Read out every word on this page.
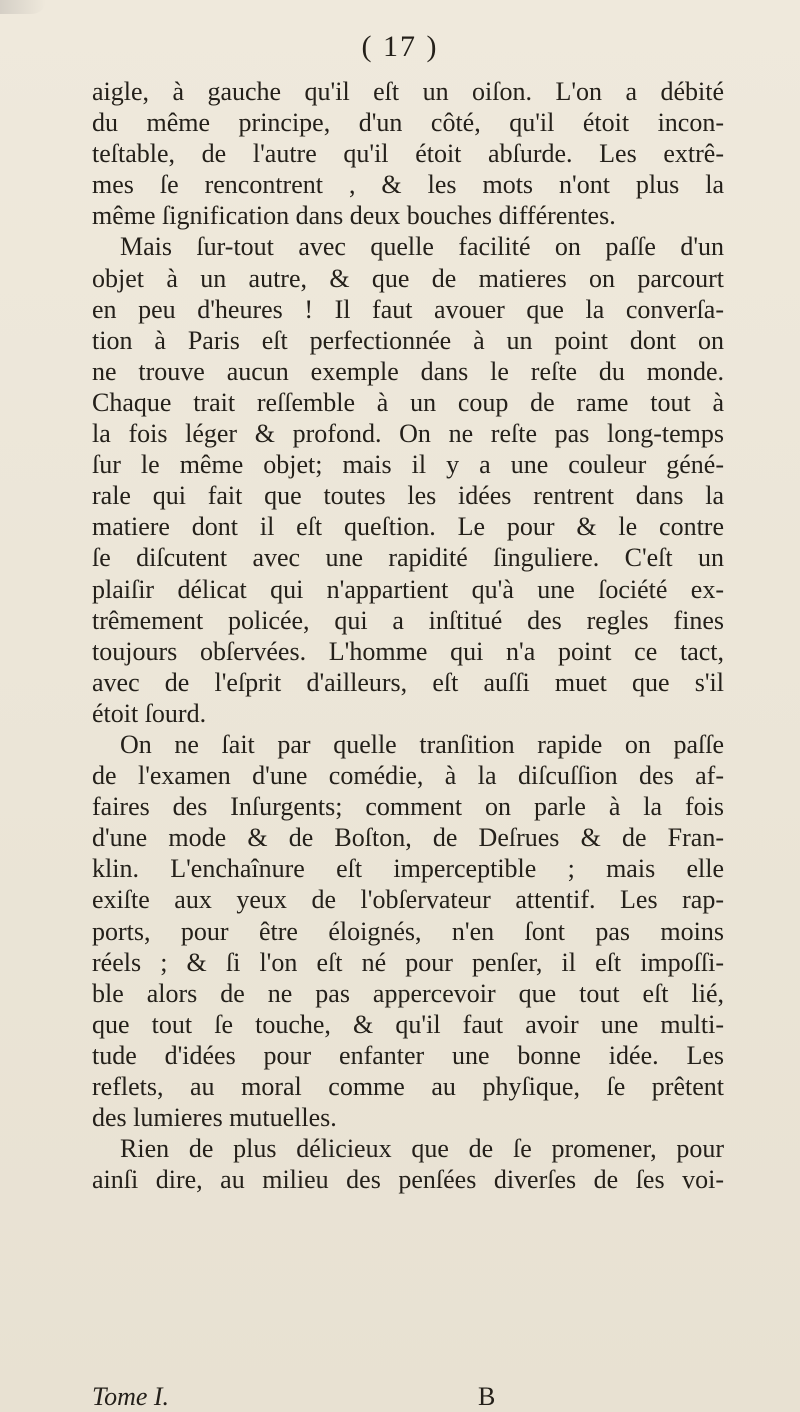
( 17 )
aigle, à gauche qu'il eſt un oiſon. L'on a débité
du même principe, d'un côté, qu'il étoit incon-
teſtable, de l'autre qu'il étoit abſurde. Les extrê-
mes ſe rencontrent , & les mots n'ont plus la
même ſignification dans deux bouches différentes.
Mais ſur-tout avec quelle facilité on paſſe d'un
objet à un autre, & que de matieres on parcourt
en peu d'heures ! Il faut avouer que la converſa-
tion à Paris eſt perfectionnée à un point dont on
ne trouve aucun exemple dans le reſte du monde.
Chaque trait reſſemble à un coup de rame tout à
la fois léger & profond. On ne reſte pas long-temps
ſur le même objet; mais il y a une couleur géné-
rale qui fait que toutes les idées rentrent dans la
matiere dont il eſt queſtion. Le pour & le contre
ſe diſcutent avec une rapidité ſinguliere. C'eſt un
plaiſir délicat qui n'appartient qu'à une ſociété ex-
trêmement policée, qui a inſtitué des regles fines
toujours obſervées. L'homme qui n'a point ce tact,
avec de l'eſprit d'ailleurs, eſt auſſi muet que s'il
étoit ſourd.
On ne ſait par quelle tranſition rapide on paſſe
de l'examen d'une comédie, à la diſcuſſion des af-
faires des Inſurgents; comment on parle à la fois
d'une mode & de Boſton, de Deſrues & de Fran-
klin. L'enchaînure eſt imperceptible ; mais elle
exiſte aux yeux de l'obſervateur attentif. Les rap-
ports, pour être éloignés, n'en ſont pas moins
réels ; & ſi l'on eſt né pour penſer, il eſt impoſſi-
ble alors de ne pas appercevoir que tout eſt lié,
que tout ſe touche, & qu'il faut avoir une multi-
tude d'idées pour enfanter une bonne idée. Les
reflets, au moral comme au phyſique, ſe prêtent
des lumieres mutuelles.
Rien de plus délicieux que de ſe promener, pour
ainſi dire, au milieu des penſées diverſes de ſes voi-
Tome I.	B
